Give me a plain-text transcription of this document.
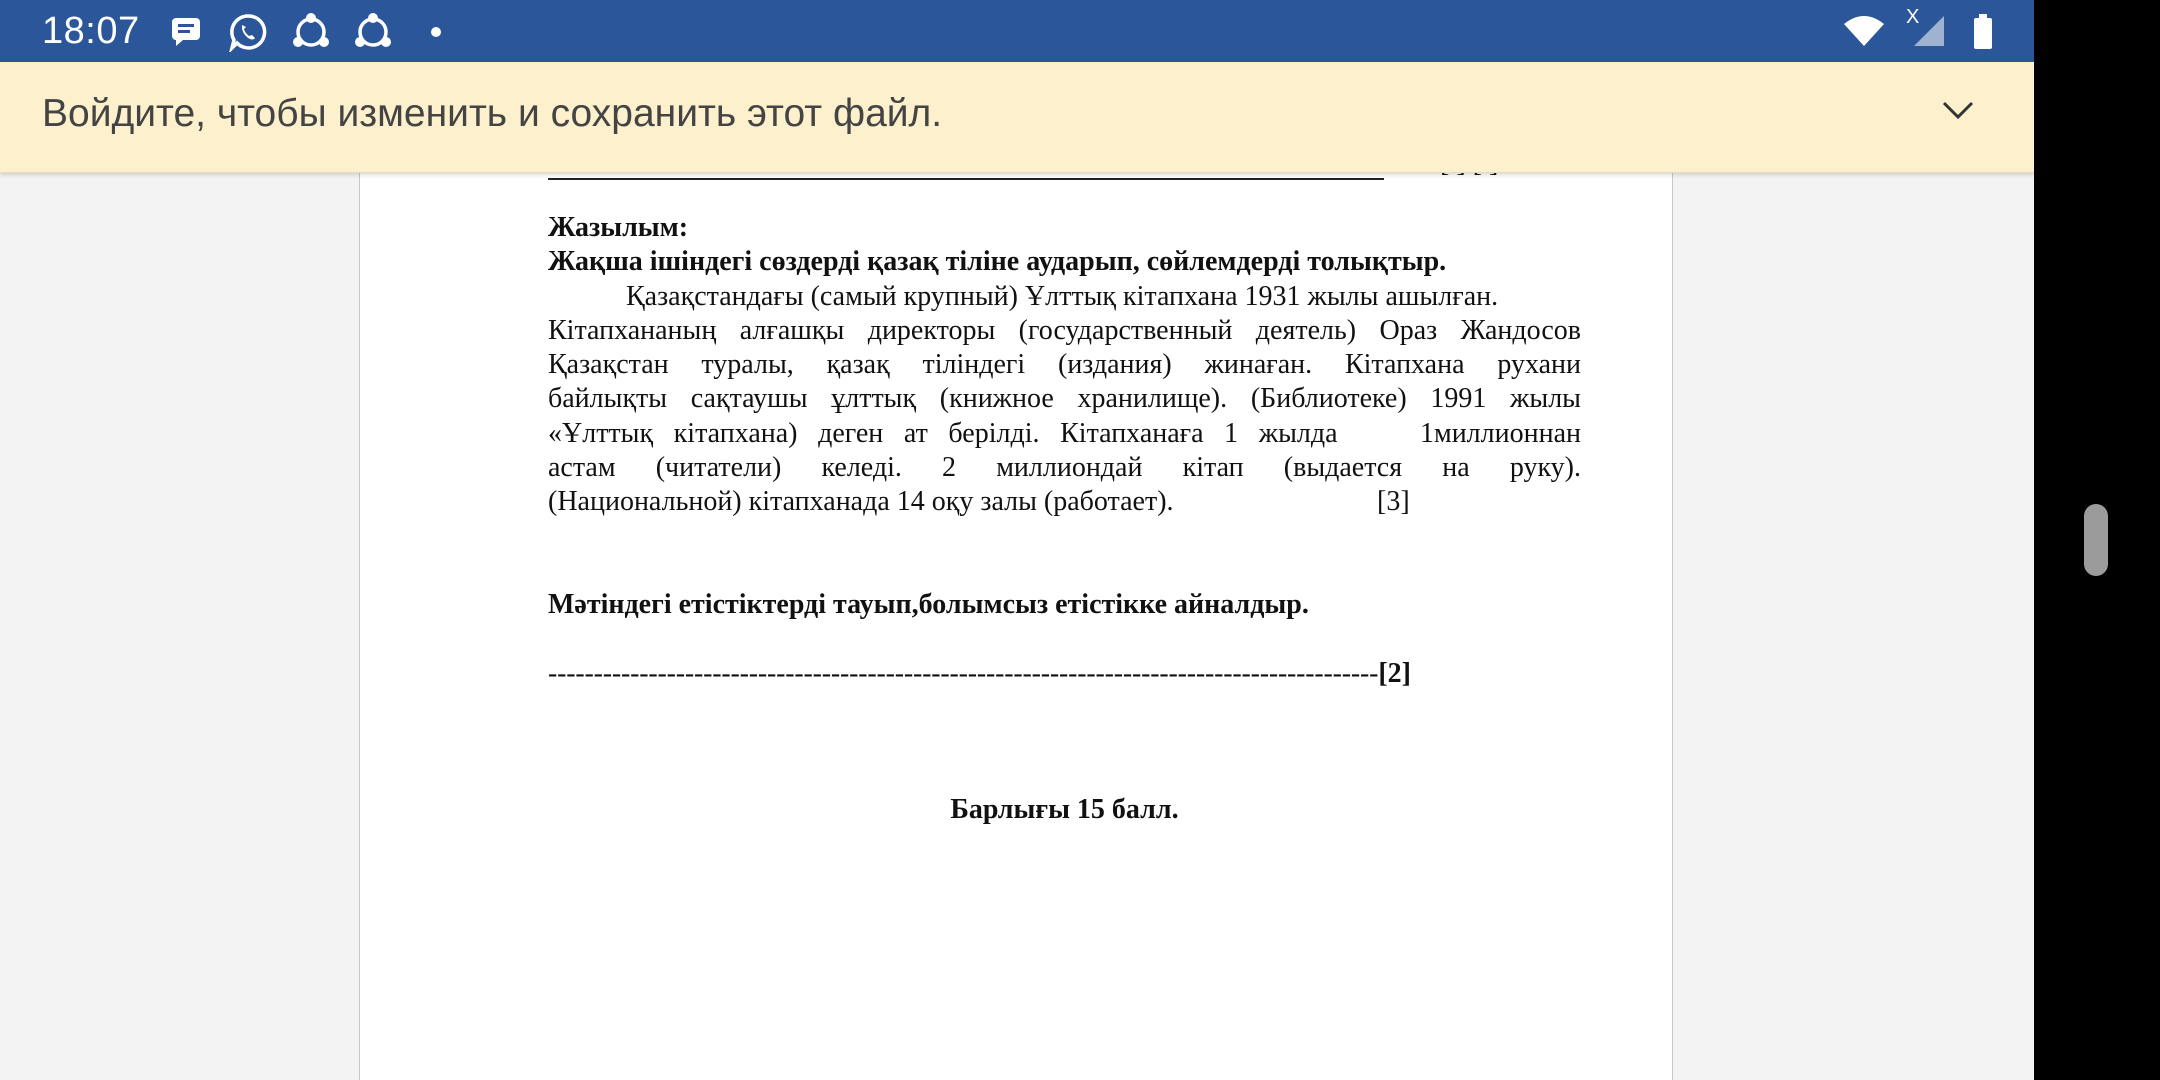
Жазылым:
Жақша ішіндегі сөздерді қазақ тіліне аударып, сөйлемдерді толықтыр.
Қазақстандағы (самый крупный) Ұлттық кітапхана 1931 жылы ашылған.
Кітапхананың алғашқы директоры (государственный деятель) Ораз Жандосов
Қазақстан туралы, қазақ тіліндегі (издания) жинаған. Кітапхана рухани
байлықты сақтаушы ұлттық (книжное хранилище). (Библиотеке) 1991 жылы
«Ұлттық кітапхана) деген ат берілді. Кітапханаға 1 жылда    1миллионнан
астам (читатели) келеді. 2 миллиондай кітап (выдается на руку).
(Национальной) кітапханада 14 оқу залы (работает).	[3]
Мәтіндегі етістіктерді тауып,болымсыз етістікке айналдыр.
-------------------------------------------------------------------------------------------[2]
Барлығы 15 балл.
18:07	X
Войдите, чтобы изменить и сохранить этот файл.
